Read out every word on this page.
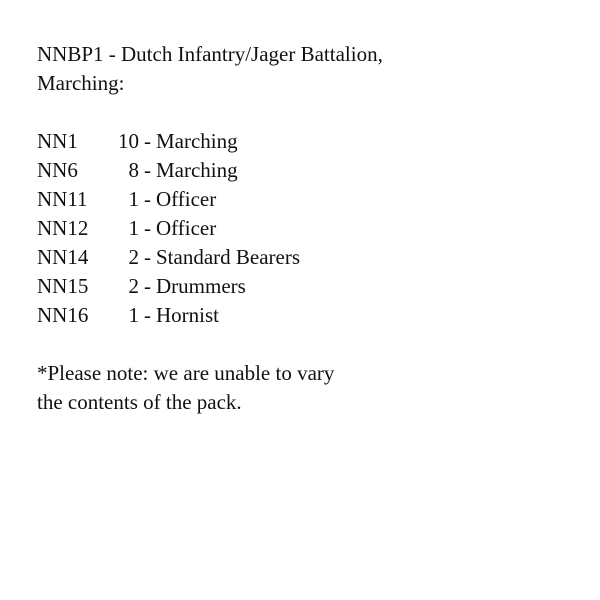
NNBP1 - Dutch Infantry/Jager Battalion, Marching:
NN1	10 - Marching
NN6	8 - Marching
NN11	1 - Officer
NN12	1 - Officer
NN14	2 - Standard Bearers
NN15	2 - Drummers
NN16	1 - Hornist

*Please note: we are unable to vary the contents of the pack.
